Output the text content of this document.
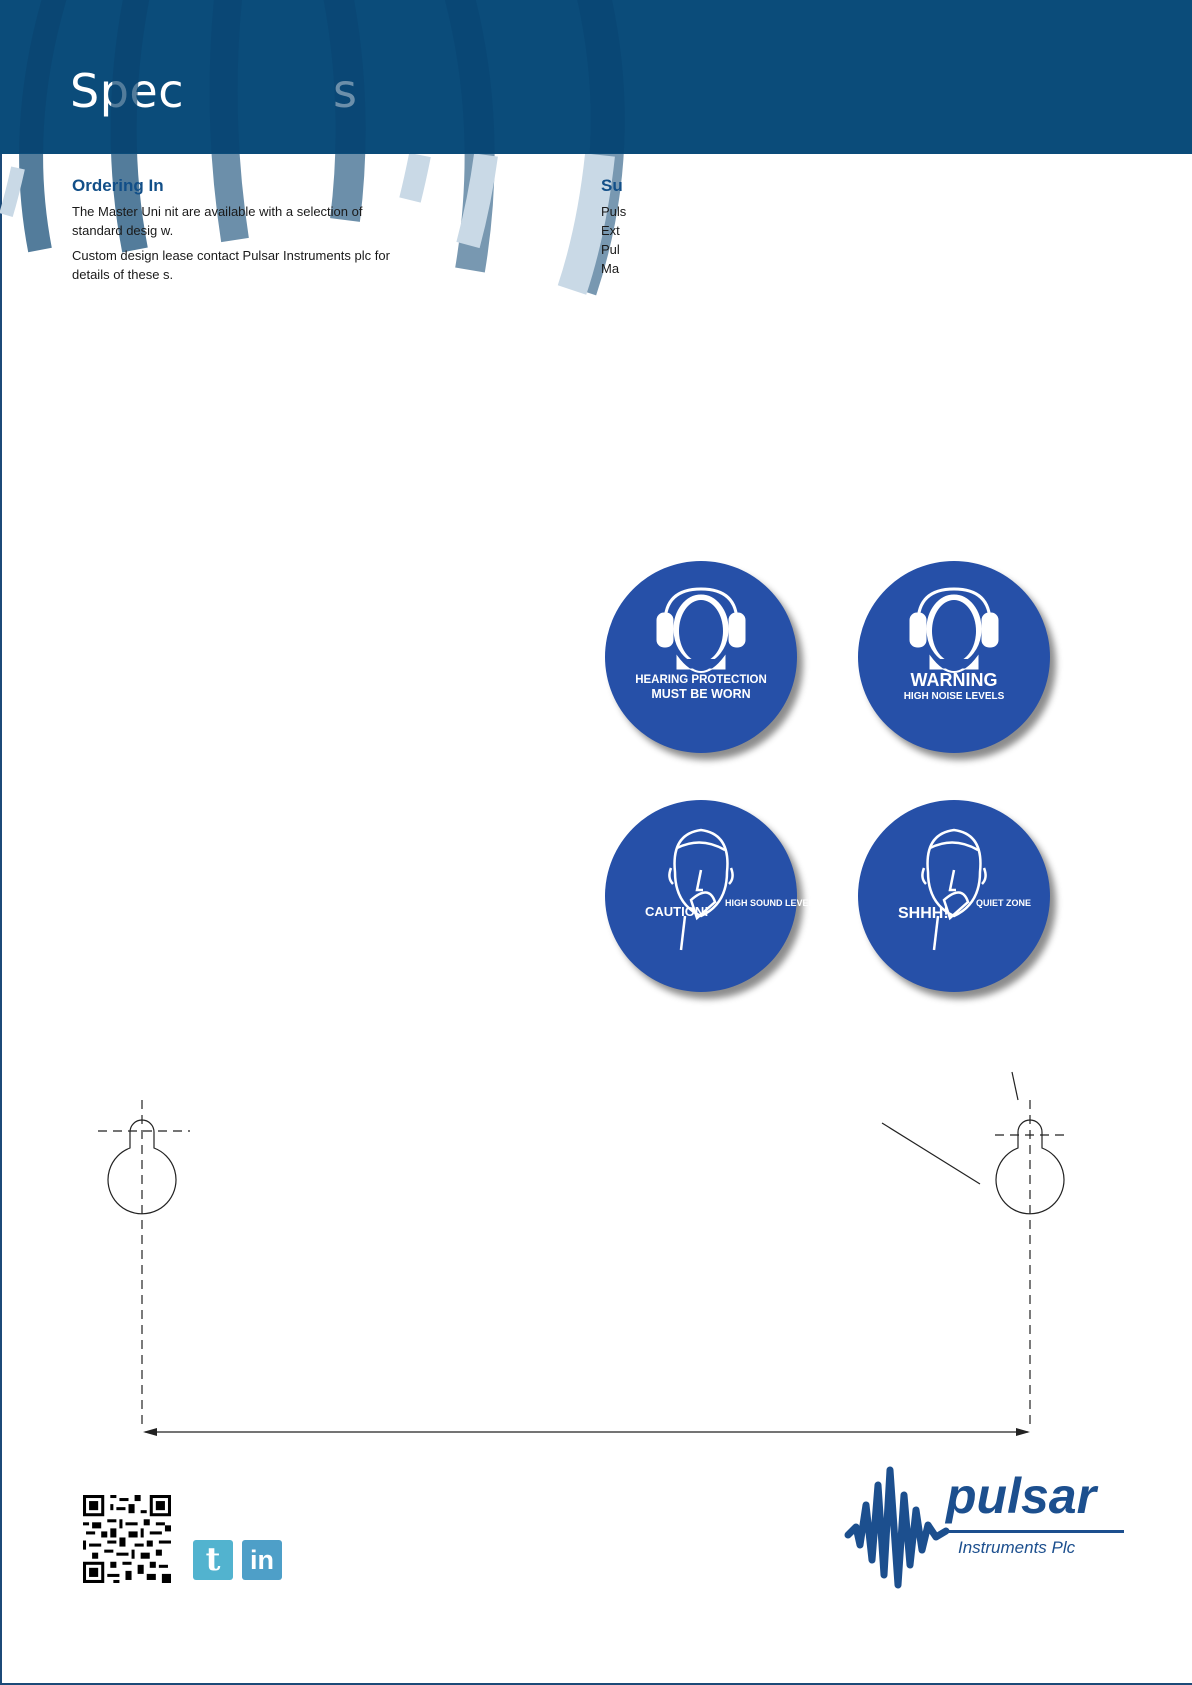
Spec	s
Ordering In

The Master Uni nit are available with a selection of

standard desig w.

Custom design lease contact Pulsar Instruments plc for

details of these s.

Su

Puls

Ext

Pul

Ma

HEARING PROTECTION
MUST BE WORN
WARNING
HIGH NOISE LEVELS
CAUTION!
HIGH SOUND LEVELS
SHHH!
QUIET ZONE
t	in
pulsar
Instruments Plc
